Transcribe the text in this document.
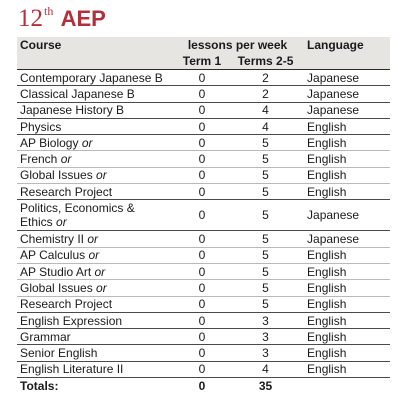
12th AEP
Course	lessons per week		Language
	Term 1	Terms 2-5	
Contemporary Japanese B	0	2	Japanese
Classical Japanese B	0	2	Japanese
Japanese History B	0	4	Japanese
Physics	0	4	English
AP Biology or	0	5	English
French or	0	5	English
Global Issues or	0	5	English
Research Project	0	5	English
Politics, Economics &
Ethics or	0	5	Japanese
Chemistry II or	0	5	Japanese
AP Calculus or	0	5	English
AP Studio Art or	0	5	English
Global Issues or	0	5	English
Research Project	0	5	English
English Expression	0	3	English
Grammar	0	3	English
Senior English	0	3	English
English Literature II	0	4	English
Totals:	0	35	
